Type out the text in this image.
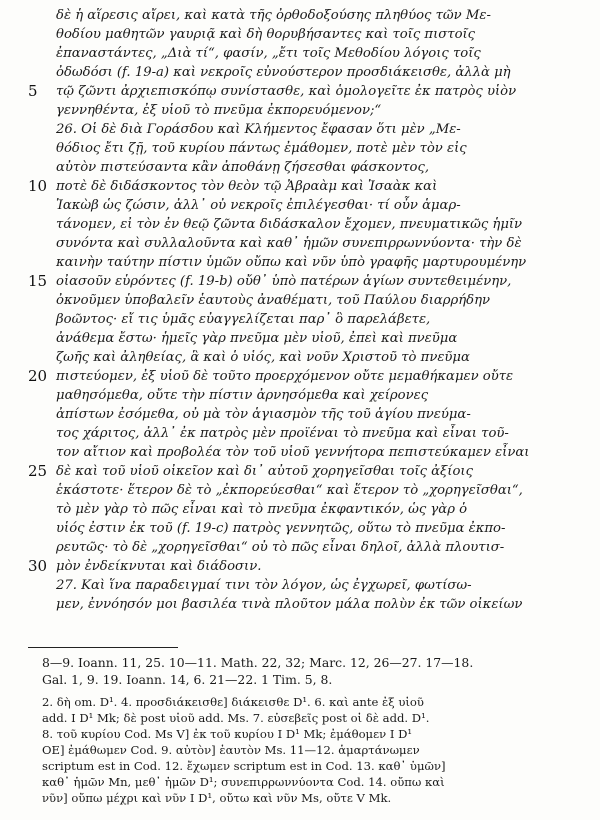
δὲ ἡ αἵρεσις αἴρει, καὶ κατὰ τῆς ὀρθοδοξούσης πληθύος τῶν Με-
θοδίου μαθητῶν γαυριᾷ καὶ δὴ θορυβήσαντες καὶ τοῖς πιστοῖς
ἐπαναστάντες, „Διὰ τί“, φασίν, „ἔτι τοῖς Μεθοδίου λόγοις τοῖς
ὀδωδόσι (f. 19-a) καὶ νεκροῖς εὐνούστερον προσδιάκεισθε, ἀλλὰ μὴ
5	τῷ ζῶντι ἀρχιεπισκόπῳ συνίστασθε, καὶ ὁμολογεῖτε ἐκ πατρὸς υἱὸν
γεννηθέντα, ἐξ υἱοῦ τὸ πνεῦμα ἐκπορευόμενον;“
26. Οἱ δὲ διὰ Γοράσδου καὶ Κλήμεντος ἔφασαν ὅτι μὲν „Με-
θόδιος ἔτι ζῇ, τοῦ κυρίου πάντως ἐμάθομεν, ποτὲ μὲν τὸν εἰς
αὐτὸν πιστεύσαντα κἂν ἀποθάνῃ ζήσεσθαι φάσκοντος,
10 ποτὲ δὲ διδάσκοντος τὸν θεὸν τῷ Ἀβραὰμ καὶ Ἰσαὰκ καὶ
Ἰακὼβ ὡς ζώσιν, ἀλλ᾽ οὐ νεκροῖς ἐπιλέγεσθαι· τί οὖν ἁμαρ-
τάνομεν, εἰ τὸν ἐν θεῷ ζῶντα διδάσκαλον ἔχομεν, πνευματικῶς ἡμῖν
συνόντα καὶ συλλαλοῦντα καὶ καθ᾽ ἡμῶν συνεπιρρωννύοντα· τὴν δὲ
καινὴν ταύτην πίστιν ὑμῶν οὔπω καὶ νῦν ὑπὸ γραφῆς μαρτυρουμένην
15 οἰασοῦν εὑρόντες (f. 19-b) οὔθ᾽ ὑπὸ πατέρων ἁγίων συντεθειμένην,
ὀκνοῦμεν ὑποβαλεῖν ἑαυτοὺς ἀναθέματι, τοῦ Παύλου διαρρήδην
βοῶντος· εἴ τις ὑμᾶς εὐαγγελίζεται παρ᾽ ὃ παρελάβετε,
ἀνάθεμα ἔστω· ἡμεῖς γὰρ πνεῦμα μὲν υἱοῦ, ἐπεὶ καὶ πνεῦμα
ζωῆς καὶ ἀληθείας, ἃ καὶ ὁ υἱός, καὶ νοῦν Χριστοῦ τὸ πνεῦμα
20 πιστεύομεν, ἐξ υἱοῦ δὲ τοῦτο προερχόμενον οὔτε μεμαθήκαμεν οὔτε
μαθησόμεθα, οὔτε τὴν πίστιν ἀρνησόμεθα καὶ χείρονες
ἀπίστων ἐσόμεθα, οὐ μὰ τὸν ἁγιασμὸν τῆς τοῦ ἁγίου πνεύμα-
τος χάριτος, ἀλλ᾽ ἐκ πατρὸς μὲν προϊέναι τὸ πνεῦμα καὶ εἶναι τοῦ-
τον αἴτιον καὶ προβολέα τὸν τοῦ υἱοῦ γεννήτορα πεπιστεύκαμεν εἶναι
25 δὲ καὶ τοῦ υἱοῦ οἰκεῖον καὶ δι᾽ αὐτοῦ χορηγεῖσθαι τοῖς ἀξίοις
ἑκάστοτε· ἕτερον δὲ τὸ „ἐκπορεύεσθαι“ καὶ ἕτερον τὸ „χορηγεῖσθαι“,
τὸ μὲν γὰρ τὸ πῶς εἶναι καὶ τὸ πνεῦμα ἐκφαντικόν, ὡς γὰρ ὁ
υἱός ἐστιν ἐκ τοῦ (f. 19-c) πατρὸς γεννητῶς, οὕτω τὸ πνεῦμα ἐκπο-
ρευτῶς· τὸ δὲ „χορηγεῖσθαι“ οὐ τὸ πῶς εἶναι δηλοῖ, ἀλλὰ πλουτισ-
30 μὸν ἐνδείκνυται καὶ διάδοσιν.
27. Καὶ ἵνα παραδειγμαί τινι τὸν λόγον, ὡς ἐγχωρεῖ, φωτίσω-
μεν, ἐννόησόν μοι βασιλέα τινὰ πλοῦτον μάλα πολὺν ἐκ τῶν οἰκείων
8—9. Ioann. 11, 25. 10—11. Math. 22, 32; Marc. 12, 26—27. 17—18.
Gal. 1, 9. 19. Ioann. 14, 6. 21—22. 1 Tim. 5, 8.
2. δὴ om. D¹. 4. προσδιάκεισθε] διάκεισθε D¹. 6. καὶ ante ἐξ υἱοῦ
add. I D¹ Mk; δὲ post υἱοῦ add. Ms. 7. εὐσεβεῖς post οἱ δὲ add. D¹.
8. τοῦ κυρίου Cod. Ms V] ἐκ τοῦ κυρίου I D¹ Mk; ἐμάθομεν I D¹
OE] ἐμάθωμεν Cod. 9. αὐτὸν] ἑαυτὸν Ms. 11—12. ἁμαρτάνωμεν
scriptum est in Cod. 12. ἔχωμεν scriptum est in Cod. 13. καθ᾽ ὑμῶν]
καθ᾽ ἡμῶν Mn, μεθ᾽ ἡμῶν D¹; συνεπιρρωννύοντα Cod. 14. οὔπω καὶ
νῦν] οὔπω μέχρι καὶ νῦν I D¹, οὔτω καὶ νῦν Ms, οὔτε V Mk.
